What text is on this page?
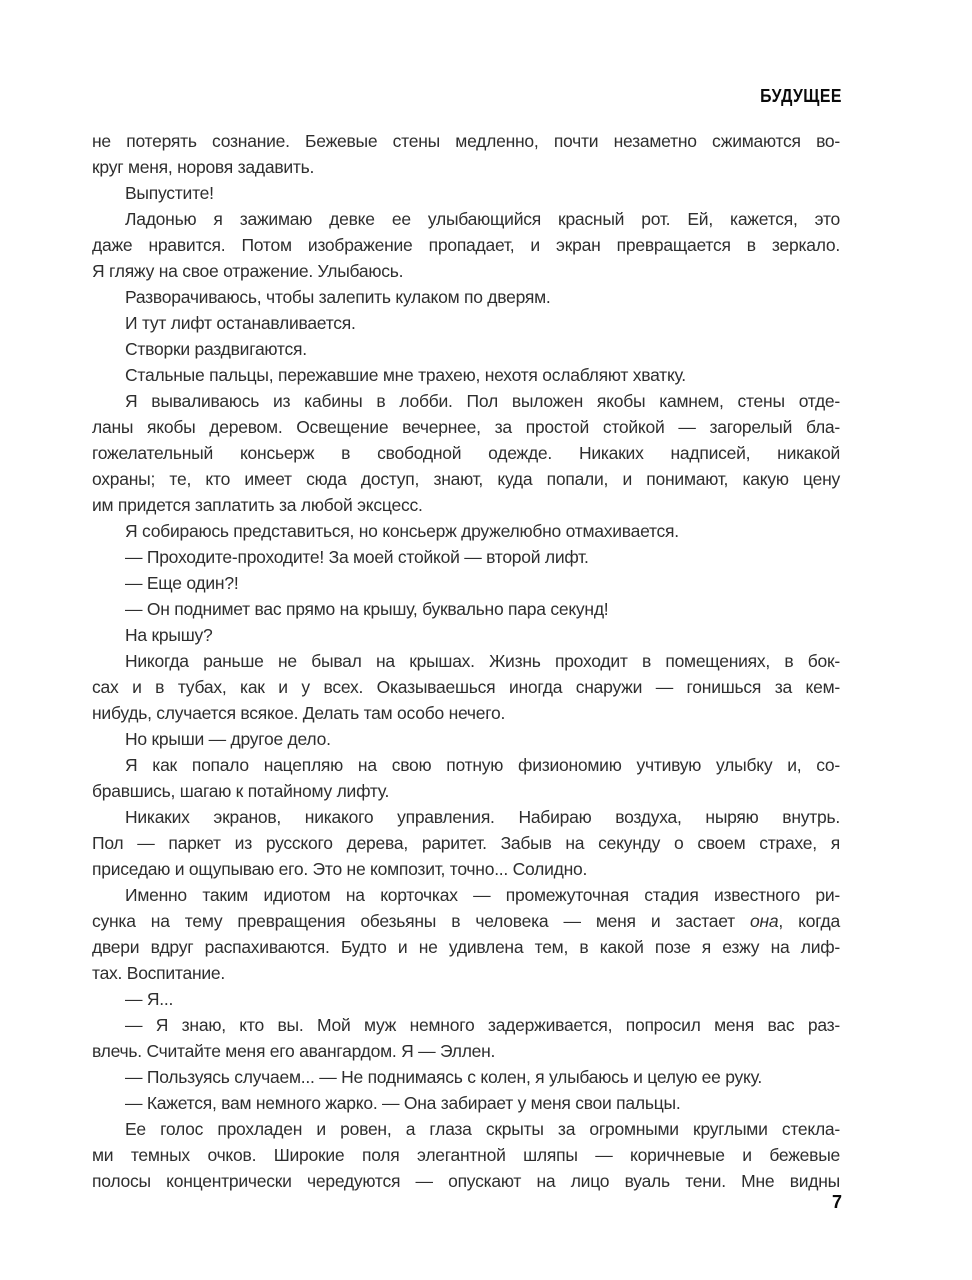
БУДУЩЕЕ
не потерять сознание. Бежевые стены медленно, почти незаметно сжимаются во-
круг меня, норовя задавить.
Выпустите!
Ладонью я зажимаю девке ее улыбающийся красный рот. Ей, кажется, это
даже нравится. Потом изображение пропадает, и экран превращается в зеркало.
Я гляжу на свое отражение. Улыбаюсь.
Разворачиваюсь, чтобы залепить кулаком по дверям.
И тут лифт останавливается.
Створки раздвигаются.
Стальные пальцы, пережавшие мне трахею, нехотя ослабляют хватку.
Я вываливаюсь из кабины в лобби. Пол выложен якобы камнем, стены отде-
ланы якобы деревом. Освещение вечернее, за простой стойкой — загорелый бла-
гожелательный консьерж в свободной одежде. Никаких надписей, никакой
охраны; те, кто имеет сюда доступ, знают, куда попали, и понимают, какую цену
им придется заплатить за любой эксцесс.
Я собираюсь представиться, но консьерж дружелюбно отмахивается.
— Проходите-проходите! За моей стойкой — второй лифт.
— Еще один?!
— Он поднимет вас прямо на крышу, буквально пара секунд!
На крышу?
Никогда раньше не бывал на крышах. Жизнь проходит в помещениях, в бок-
сах и в тубах, как и у всех. Оказываешься иногда снаружи — гонишься за кем-
нибудь, случается всякое. Делать там особо нечего.
Но крыши — другое дело.
Я как попало нацепляю на свою потную физиономию учтивую улыбку и, со-
бравшись, шагаю к потайному лифту.
Никаких экранов, никакого управления. Набираю воздуха, ныряю внутрь.
Пол — паркет из русского дерева, раритет. Забыв на секунду о своем страхе, я
приседаю и ощупываю его. Это не композит, точно... Солидно.
Именно таким идиотом на корточках — промежуточная стадия известного ри-
сунка на тему превращения обезьяны в человека — меня и застает она, когда
двери вдруг распахиваются. Будто и не удивлена тем, в какой позе я езжу на лиф-
тах. Воспитание.
— Я...
— Я знаю, кто вы. Мой муж немного задерживается, попросил меня вас раз-
влечь. Считайте меня его авангардом. Я — Эллен.
— Пользуясь случаем... — Не поднимаясь с колен, я улыбаюсь и целую ее руку.
— Кажется, вам немного жарко. — Она забирает у меня свои пальцы.
Ее голос прохладен и ровен, а глаза скрыты за огромными круглыми стекла-
ми темных очков. Широкие поля элегантной шляпы — коричневые и бежевые
полосы концентрически чередуются — опускают на лицо вуаль тени. Мне видны
7
